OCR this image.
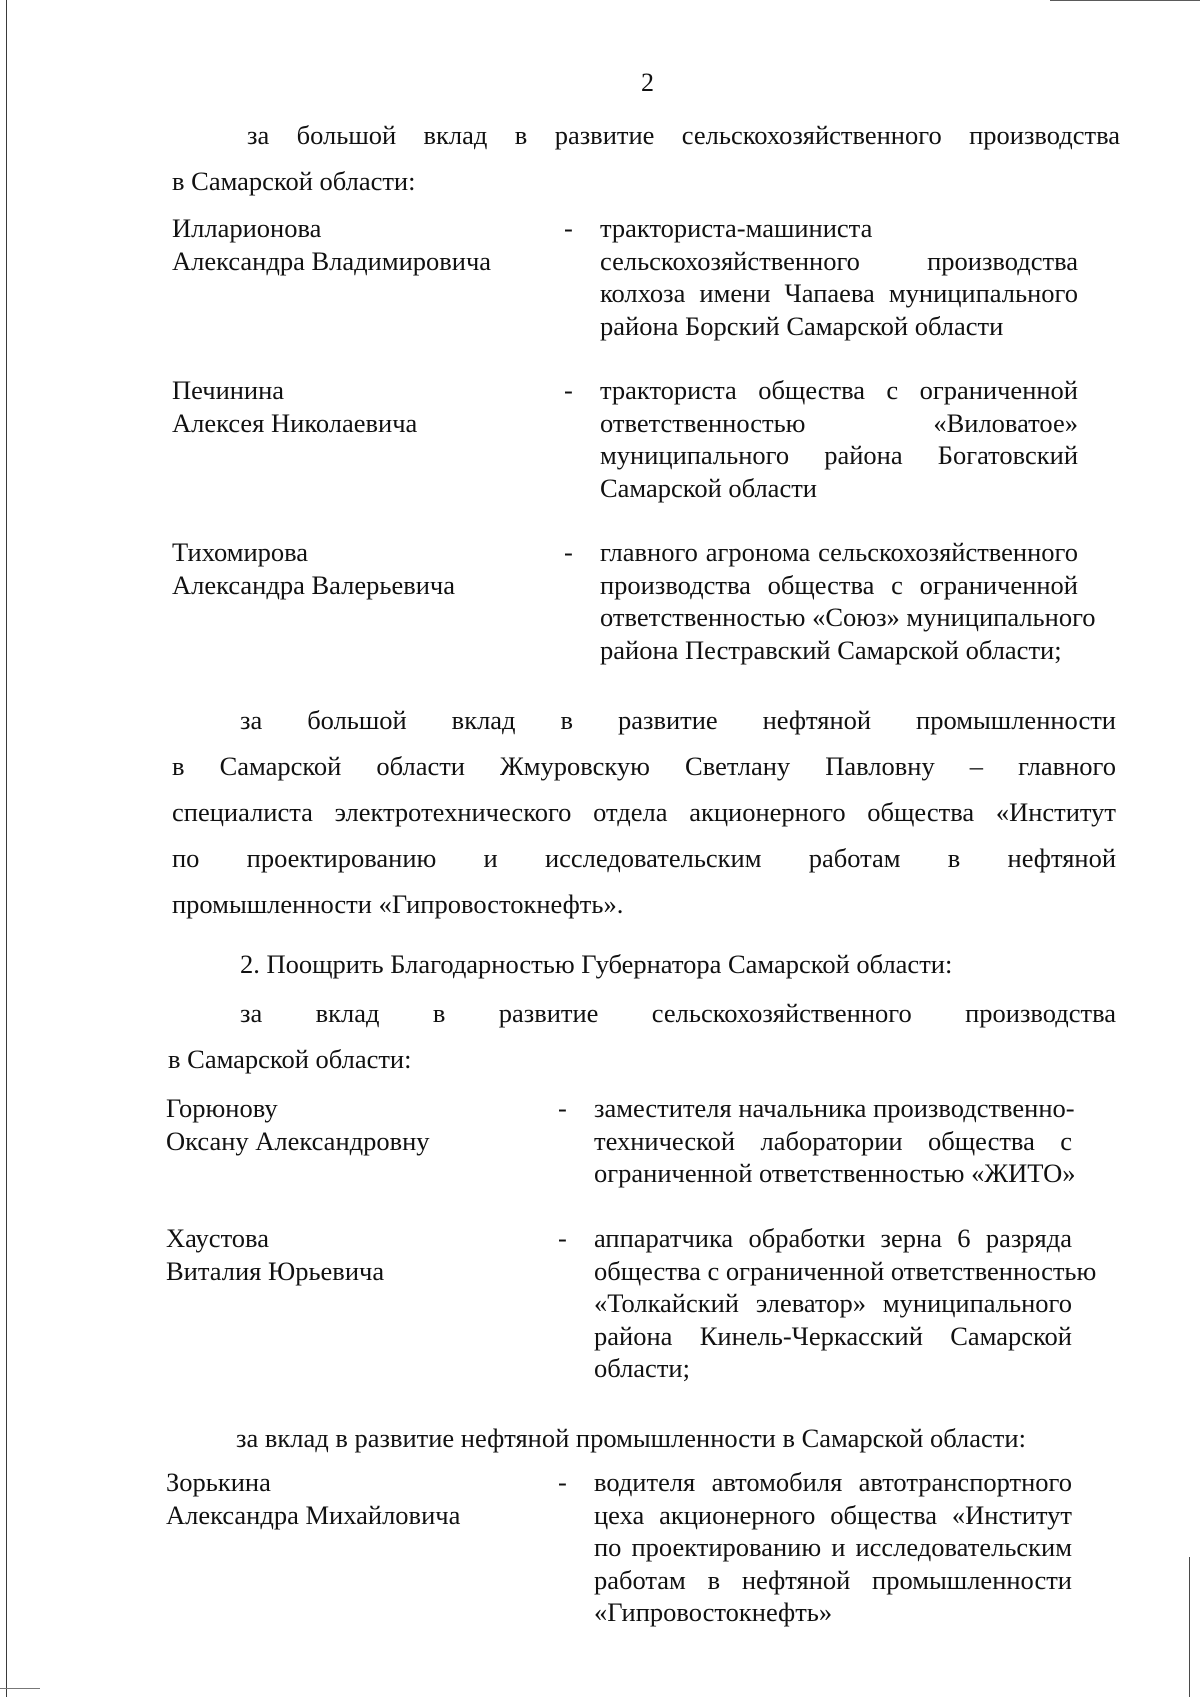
2
за большой вклад в развитие сельскохозяйственного производства
в Самарской области:
Илларионова
Александра Владимировича
- тракториста-машиниста
сельскохозяйственного производства
колхоза имени Чапаева муниципального
района Борский Самарской области
Печинина
Алексея Николаевича
- тракториста общества с ограниченной
ответственностью «Виловатое»
муниципального района Богатовский
Самарской области
Тихомирова
Александра Валерьевича
- главного агронома сельскохозяйственного
производства общества с ограниченной
ответственностью «Союз» муниципального
района Пестравский Самарской области;
за большой вклад в развитие нефтяной промышленности
в Самарской области Жмуровскую Светлану Павловну – главного
специалиста электротехнического отдела акционерного общества «Институт
по проектированию и исследовательским работам в нефтяной
промышленности «Гипровостокнефть».
2. Поощрить Благодарностью Губернатора Самарской области:
за вклад в развитие сельскохозяйственного производства
в Самарской области:
Горюнову
Оксану Александровну
- заместителя начальника производственно-
технической лаборатории общества с
ограниченной ответственностью «ЖИТО»
Хаустова
Виталия Юрьевича
- аппаратчика обработки зерна 6 разряда
общества с ограниченной ответственностью
«Толкайский элеватор» муниципального
района Кинель-Черкасский Самарской
области;
за вклад в развитие нефтяной промышленности в Самарской области:
Зорькина
Александра Михайловича
- водителя автомобиля автотранспортного
цеха акционерного общества «Институт
по проектированию и исследовательским
работам в нефтяной промышленности
«Гипровостокнефть»
